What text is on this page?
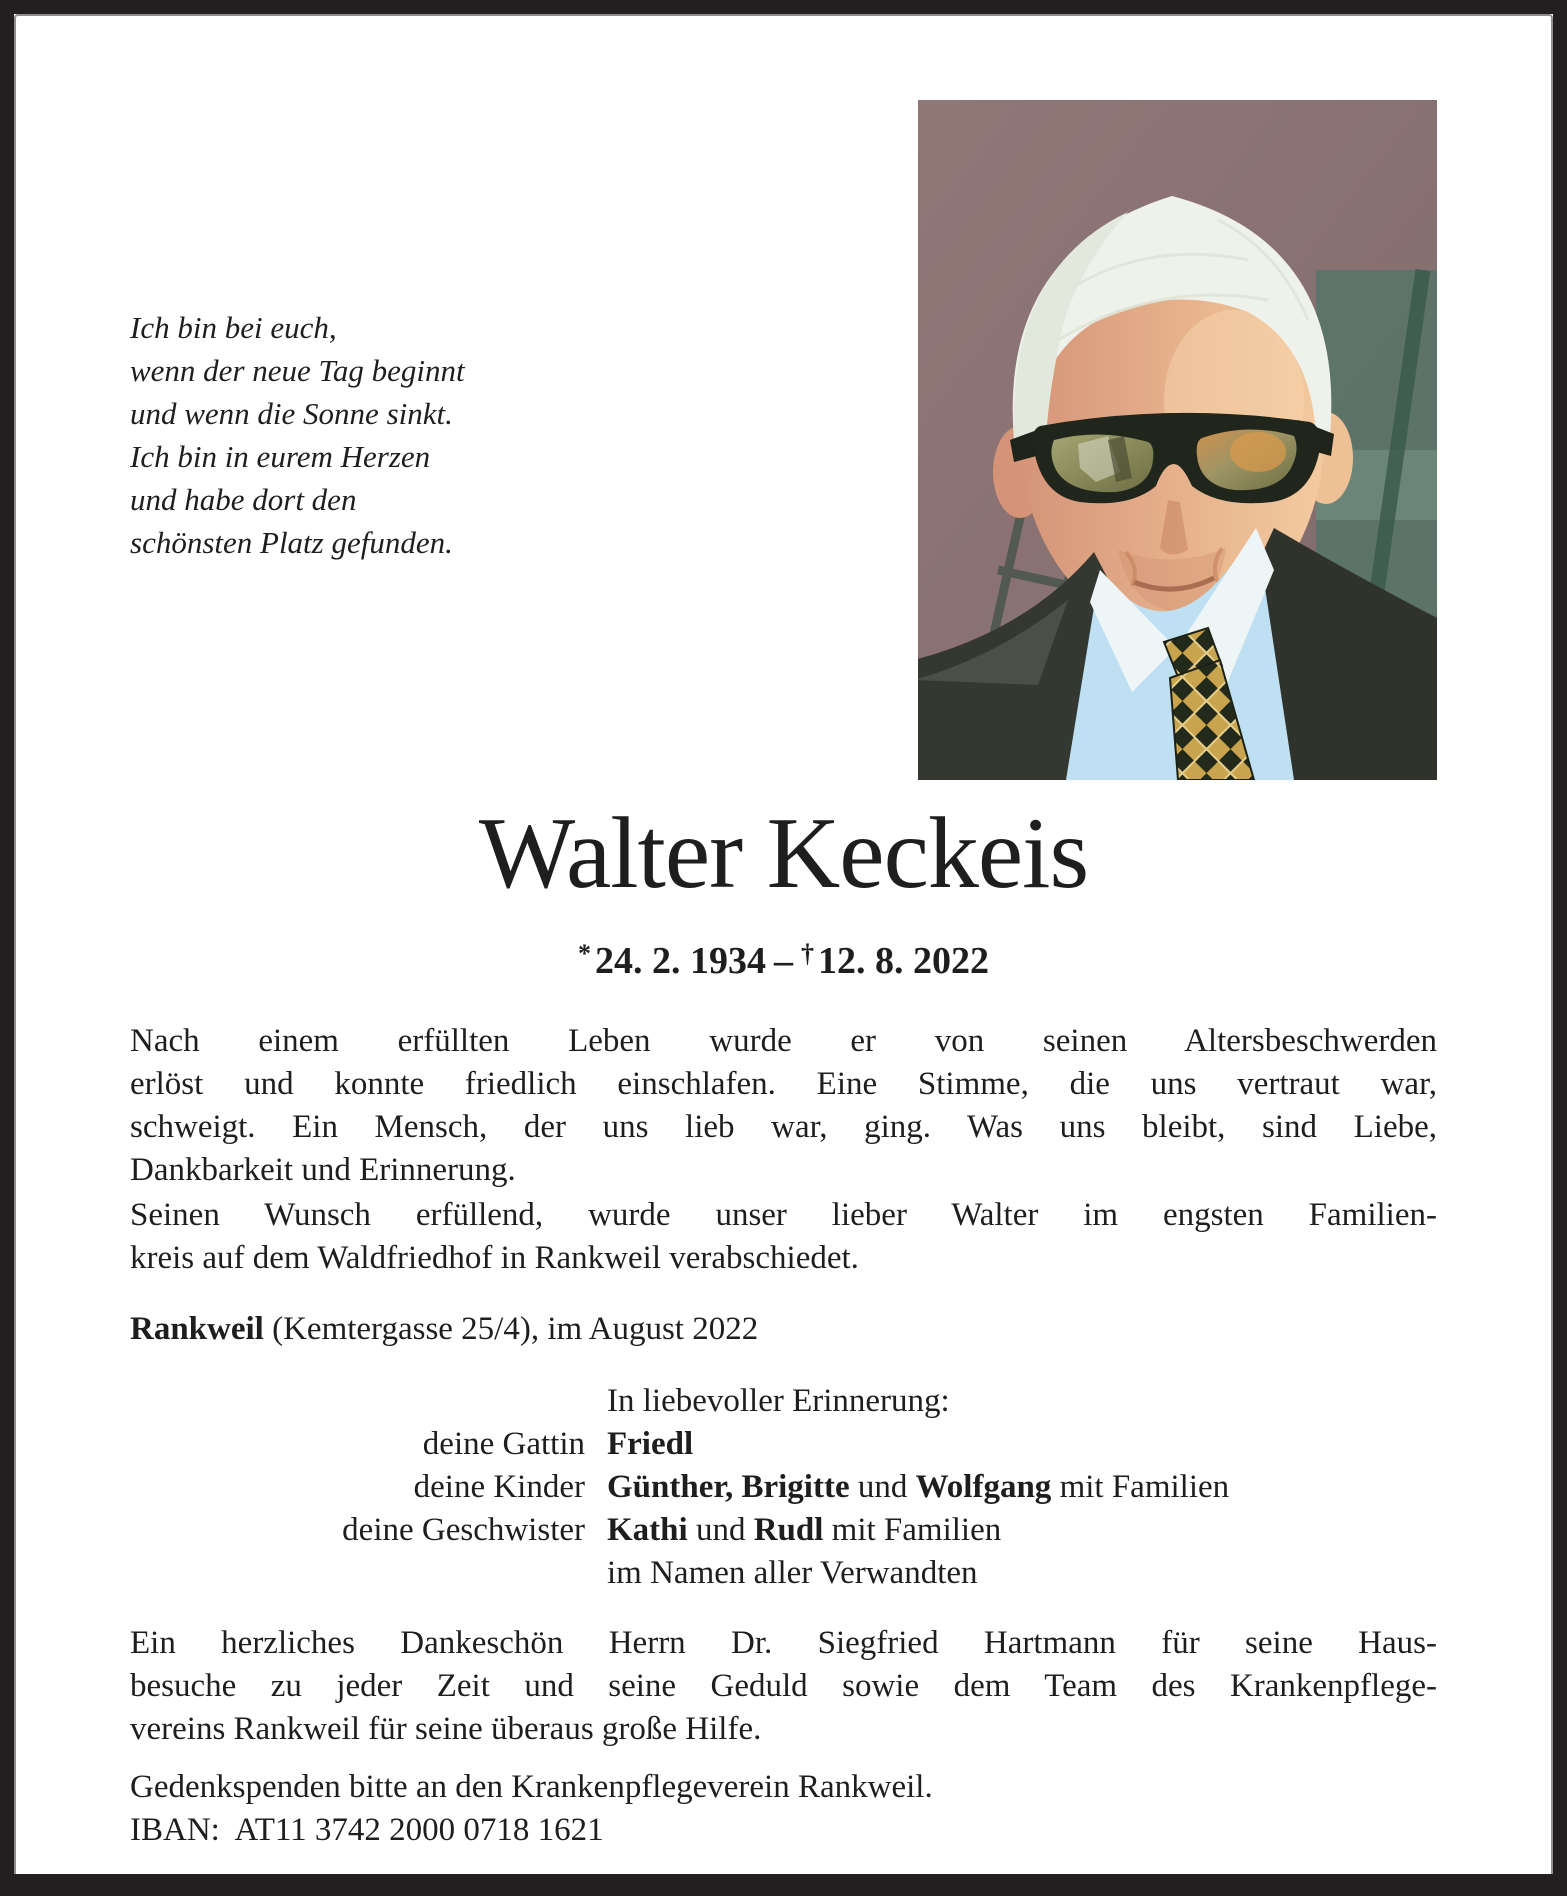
Ich bin bei euch,
wenn der neue Tag beginnt
und wenn die Sonne sinkt.
Ich bin in eurem Herzen
und habe dort den
schönsten Platz gefunden.
Walter Keckeis
* 24. 2. 1934 – † 12. 8. 2022
Nach einem erfüllten Leben wurde er von seinen Altersbeschwerden
erlöst und konnte friedlich einschlafen. Eine Stimme, die uns vertraut war,
schweigt. Ein Mensch, der uns lieb war, ging. Was uns bleibt, sind Liebe,
Dankbarkeit und Erinnerung.
Seinen Wunsch erfüllend, wurde unser lieber Walter im engsten Familien-
kreis auf dem Waldfriedhof in Rankweil verabschiedet.
Rankweil (Kemtergasse 25/4), im August 2022
In liebevoller Erinnerung:
deine Gattin Friedl
deine Kinder Günther, Brigitte und Wolfgang mit Familien
deine Geschwister Kathi und Rudl mit Familien
im Namen aller Verwandten
Ein herzliches Dankeschön Herrn Dr. Siegfried Hartmann für seine Haus-
besuche zu jeder Zeit und seine Geduld sowie dem Team des Krankenpflege-
vereins Rankweil für seine überaus große Hilfe.
Gedenkspenden bitte an den Krankenpflegeverein Rankweil.
IBAN: AT11 3742 2000 0718 1621
